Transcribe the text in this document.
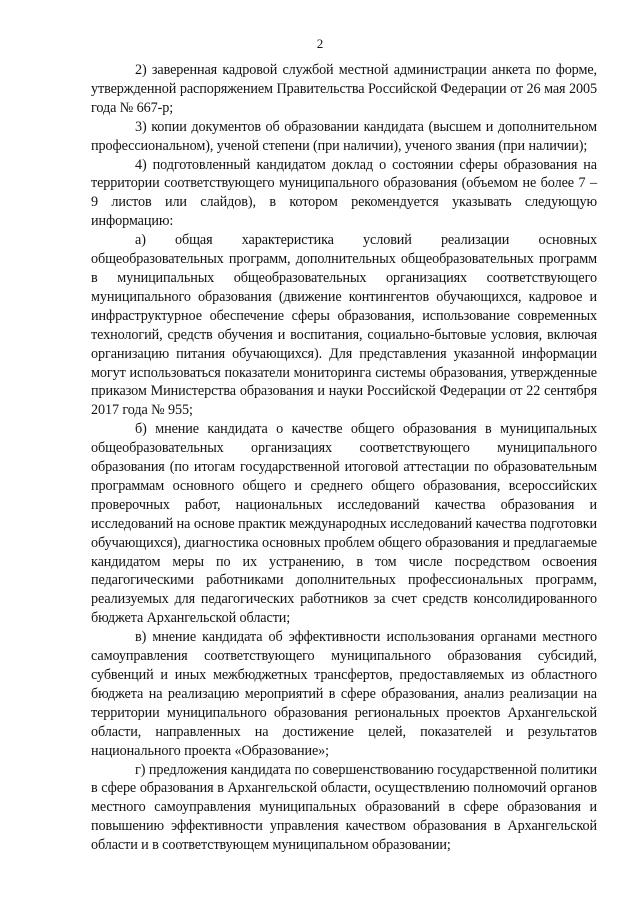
2

2) заверенная кадровой службой местной администрации анкета по форме, утвержденной распоряжением Правительства Российской Федерации от 26 мая 2005 года № 667-р;

3) копии документов об образовании кандидата (высшем и дополнительном профессиональном), ученой степени (при наличии), ученого звания (при наличии);

4) подготовленный кандидатом доклад о состоянии сферы образования на территории соответствующего муниципального образования (объемом не более 7 – 9 листов или слайдов), в котором рекомендуется указывать следующую информацию:

а) общая характеристика условий реализации основных общеобразовательных программ, дополнительных общеобразовательных программ в муниципальных общеобразовательных организациях соответствующего муниципального образования (движение контингентов обучающихся, кадровое и инфраструктурное обеспечение сферы образования, использование современных технологий, средств обучения и воспитания, социально-бытовые условия, включая организацию питания обучающихся). Для представления указанной информации могут использоваться показатели мониторинга системы образования, утвержденные приказом Министерства образования и науки Российской Федерации от 22 сентября 2017 года № 955;

б) мнение кандидата о качестве общего образования в муниципальных общеобразовательных организациях соответствующего муниципального образования (по итогам государственной итоговой аттестации по образовательным программам основного общего и среднего общего образования, всероссийских проверочных работ, национальных исследований качества образования и исследований на основе практик международных исследований качества подготовки обучающихся), диагностика основных проблем общего образования и предлагаемые кандидатом меры по их устранению, в том числе посредством освоения педагогическими работниками дополнительных профессиональных программ, реализуемых для педагогических работников за счет средств консолидированного бюджета Архангельской области;

в) мнение кандидата об эффективности использования органами местного самоуправления соответствующего муниципального образования субсидий, субвенций и иных межбюджетных трансфертов, предоставляемых из областного бюджета на реализацию мероприятий в сфере образования, анализ реализации на территории муниципального образования региональных проектов Архангельской области, направленных на достижение целей, показателей и результатов национального проекта «Образование»;

г) предложения кандидата по совершенствованию государственной политики в сфере образования в Архангельской области, осуществлению полномочий органов местного самоуправления муниципальных образований в сфере образования и повышению эффективности управления качеством образования в Архангельской области и в соответствующем муниципальном образовании;
